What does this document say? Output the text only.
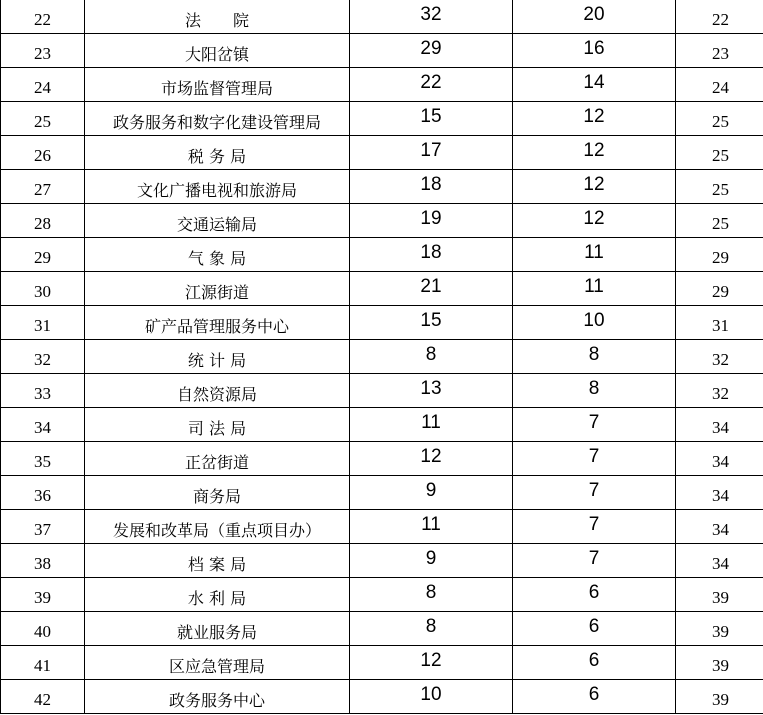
22	法　　院	32	20	22
23	大阳岔镇	29	16	23
24	市场监督管理局	22	14	24
25	政务服务和数字化建设管理局	15	12	25
26	税 务 局	17	12	25
27	文化广播电视和旅游局	18	12	25
28	交通运输局	19	12	25
29	气 象 局	18	11	29
30	江源街道	21	11	29
31	矿产品管理服务中心	15	10	31
32	统 计 局	8	8	32
33	自然资源局	13	8	32
34	司 法 局	11	7	34
35	正岔街道	12	7	34
36	商务局	9	7	34
37	发展和改革局（重点项目办）	11	7	34
38	档 案 局	9	7	34
39	水 利 局	8	6	39
40	就业服务局	8	6	39
41	区应急管理局	12	6	39
42	政务服务中心	10	6	39
